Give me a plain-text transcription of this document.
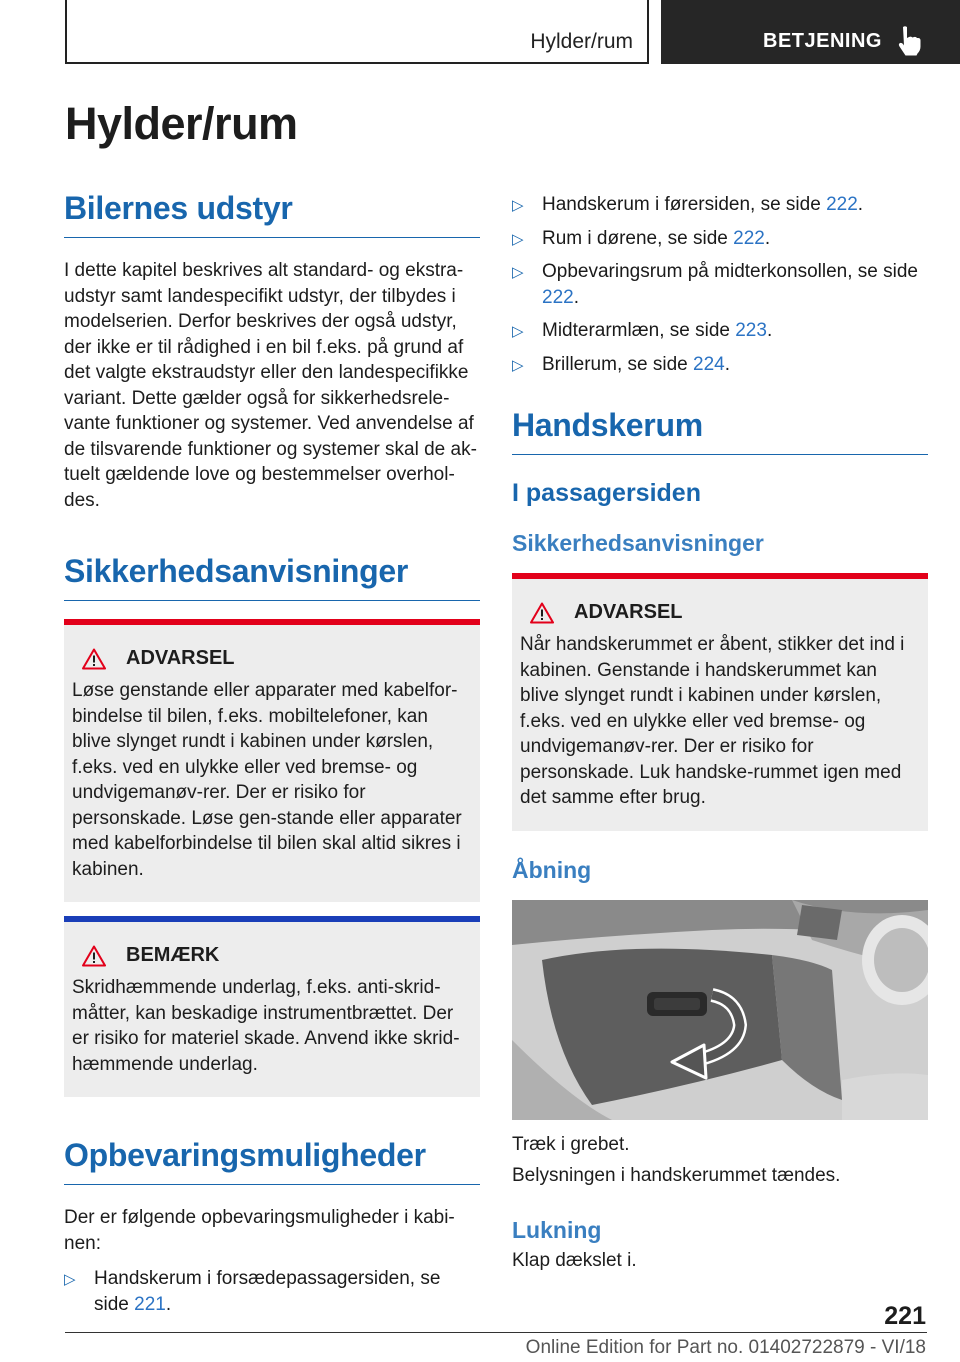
Hylder/rum	BETJENING
Hylder/rum
Bilernes udstyr

I dette kapitel beskrives alt standard- og ekstra-udstyr samt landespecifikt udstyr, der tilbydes i modelserien. Derfor beskrives der også udstyr, der ikke er til rådighed i en bil f.eks. på grund af det valgte ekstraudstyr eller den landespecifikke variant. Dette gælder også for sikkerhedsrele-vante funktioner og systemer. Ved anvendelse af de tilsvarende funktioner og systemer skal de ak-tuelt gældende love og bestemmelser overhol-des.

Sikkerhedsanvisninger
ADVARSEL

Løse genstande eller apparater med kabelfor-bindelse til bilen, f.eks. mobiltelefoner, kan blive slynget rundt i kabinen under kørslen, f.eks. ved en ulykke eller ved bremse- og undvigemanøv-rer. Der er risiko for personskade. Løse gen-stande eller apparater med kabelforbindelse til bilen skal altid sikres i kabinen.

BEMÆRK

Skridhæmmende underlag, f.eks. anti-skrid-måtter, kan beskadige instrumentbrættet. Der er risiko for materiel skade. Anvend ikke skrid-hæmmende underlag.

Opbevaringsmuligheder

Der er følgende opbevaringsmuligheder i kabi-nen:

▷ Handskerum i forsædepassagersiden, se side 221.
▷ Handskerum i førersiden, se side 222.
▷ Rum i dørene, se side 222.
▷ Opbevaringsrum på midterkonsollen, se side 222.
▷ Midterarmlæn, se side 223.
▷ Brillerum, se side 224.
Handskerum
I passagersiden
Sikkerhedsanvisninger
ADVARSEL

Når handskerummet er åbent, stikker det ind i kabinen. Genstande i handskerummet kan blive slynget rundt i kabinen under kørslen, f.eks. ved en ulykke eller ved bremse- og undvigemanøv-rer. Der er risiko for personskade. Luk handske-rummet igen med det samme efter brug.

Åbning

Træk i grebet.

Belysningen i handskerummet tændes.

Lukning

Klap dækslet i.

221
Online Edition for Part no. 01402722879 - VI/18
